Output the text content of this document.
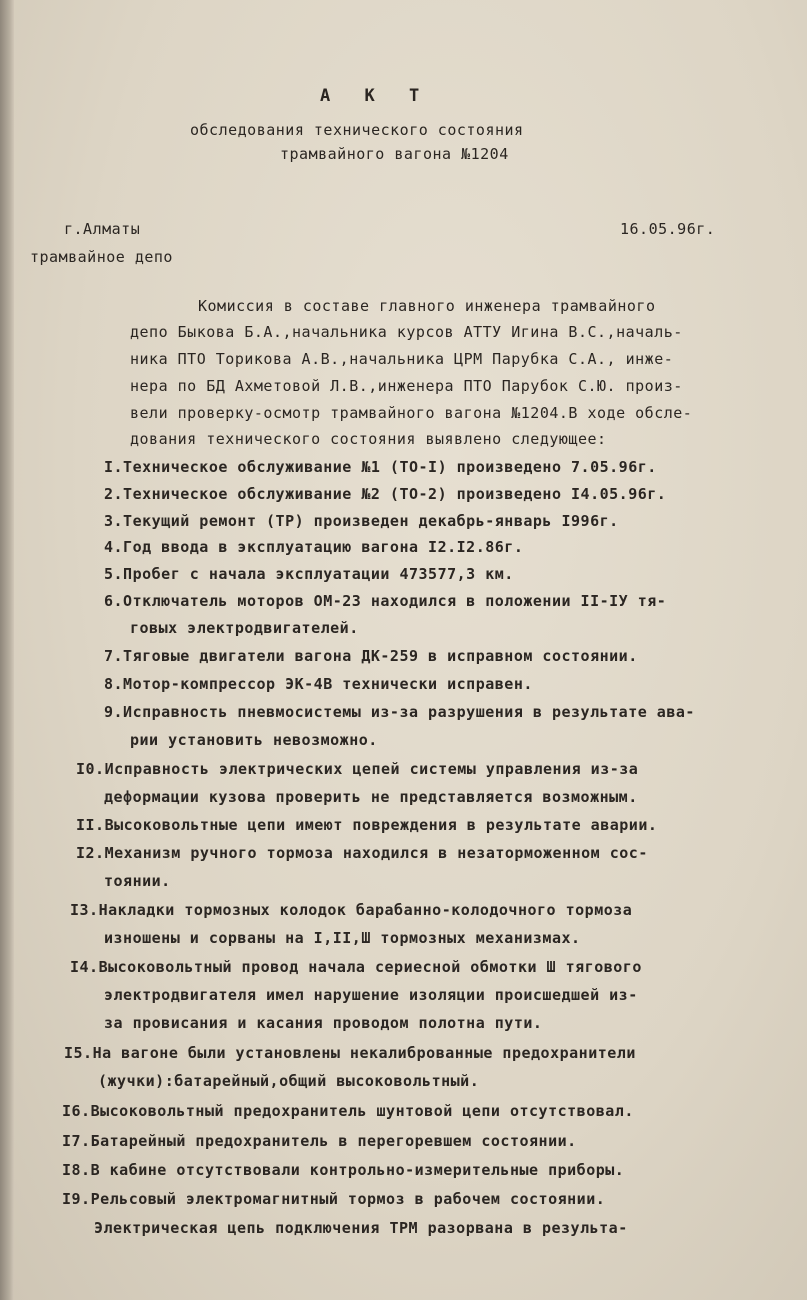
А К Т
обследования технического состояния
трамвайного вагона №1204
г.Алматы	16.05.96г.
трамвайное депо
Комиссия в составе главного инженера трамвайного
депо Быкова Б.А.,начальника курсов АТТУ Игина В.С.,началь-
ника ПТО Торикова А.В.,начальника ЦРМ Парубка С.А., инже-
нера по БД Ахметовой Л.В.,инженера ПТО Парубок С.Ю. произ-
вели проверку-осмотр трамвайного вагона №1204.В ходе обсле-
дования технического состояния выявлено следующее:
I.Техническое обслуживание №1 (ТО-I) произведено 7.05.96г.
2.Техническое обслуживание №2 (ТО-2) произведено I4.05.96г.
3.Текущий ремонт (ТР) произведен декабрь-январь I996г.
4.Год ввода в эксплуатацию вагона I2.I2.86г.
5.Пробег с начала эксплуатации 473577,3 км.
6.Отключатель моторов ОМ-23 находился в положении II-IУ тя-
говых электродвигателей.
7.Тяговые двигатели вагона ДК-259 в исправном состоянии.
8.Мотор-компрессор ЭК-4В технически исправен.
9.Исправность пневмосистемы из-за разрушения в результате ава-
рии установить невозможно.
I0.Исправность электрических цепей системы управления из-за
деформации кузова проверить не представляется возможным.
II.Высоковольтные цепи имеют повреждения в результате аварии.
I2.Механизм ручного тормоза находился в незаторможенном сос-
тоянии.
I3.Накладки тормозных колодок барабанно-колодочного тормоза
изношены и сорваны на I,II,Ш тормозных механизмах.
I4.Высоковольтный провод начала сериесной обмотки Ш тягового
электродвигателя имел нарушение изоляции происшедшей из-
за провисания и касания проводом полотна пути.
I5.На вагоне были установлены некалиброванные предохранители
(жучки):батарейный,общий высоковольтный.
I6.Высоковольтный предохранитель шунтовой цепи отсутствовал.
I7.Батарейный предохранитель в перегоревшем состоянии.
I8.В кабине отсутствовали контрольно-измерительные приборы.
I9.Рельсовый электромагнитный тормоз в рабочем состоянии.
Электрическая цепь подключения ТРМ разорвана в результа-
